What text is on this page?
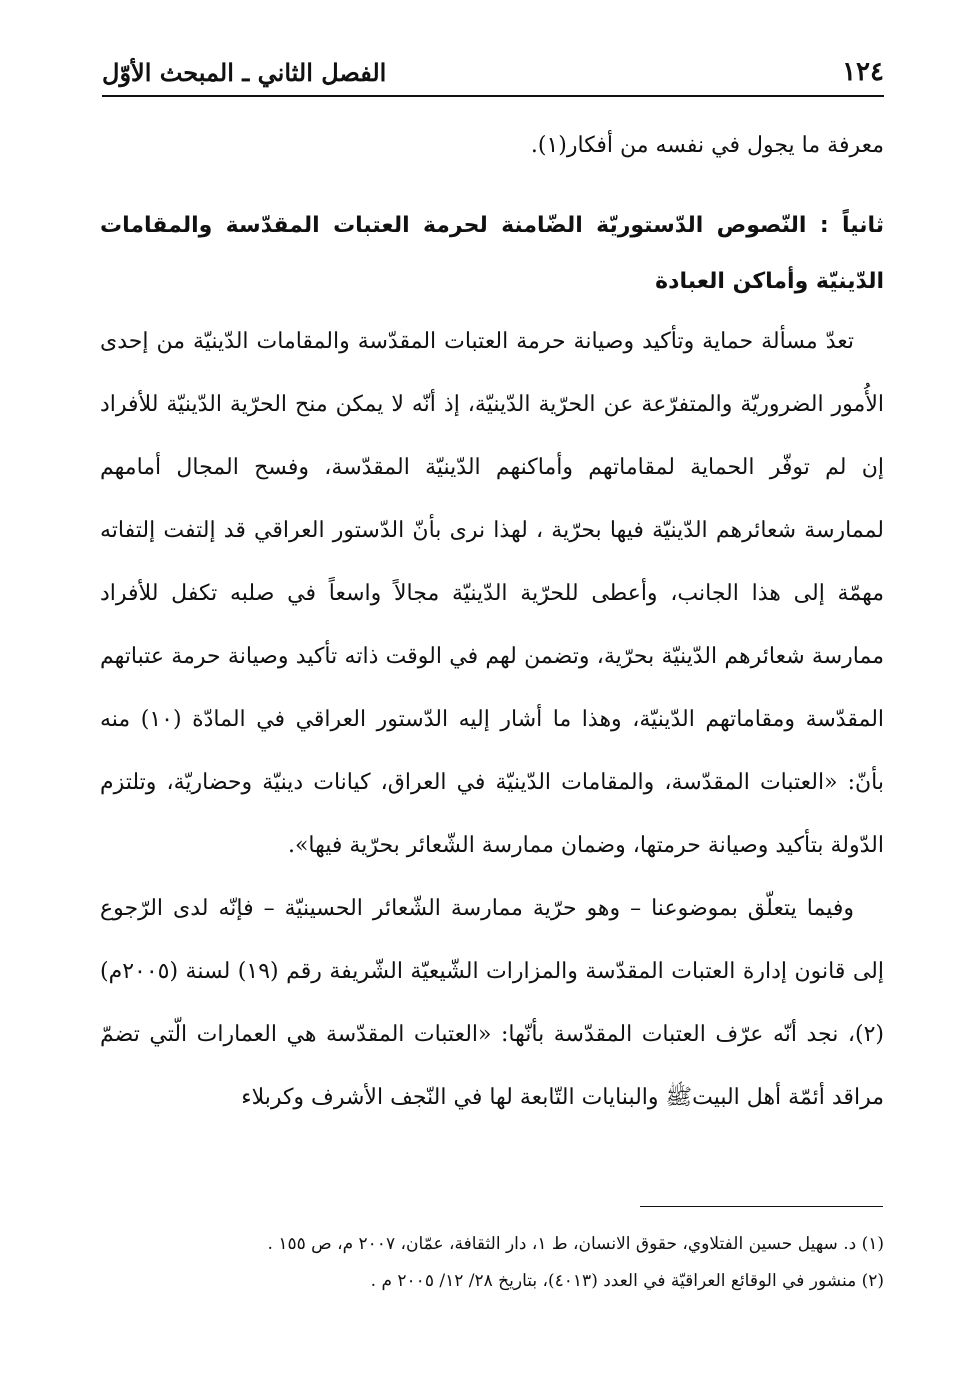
١٢٤
الفصل الثاني ـ المبحث الأوّل

معرفة ما يجول في نفسه من أفكار(١).

ثانياً : النّصوص الدّستوريّة الضّامنة لحرمة العتبات المقدّسة والمقامات الدّينيّة وأماكن العبادة

تعدّ مسألة حماية وتأكيد وصيانة حرمة العتبات المقدّسة والمقامات الدّينيّة من إحدى الأُمور الضروريّة والمتفرّعة عن الحرّية الدّينيّة، إذ أنّه لا يمكن منح الحرّية الدّينيّة للأفراد إن لم توفّر الحماية لمقاماتهم وأماكنهم الدّينيّة المقدّسة، وفسح المجال أمامهم لممارسة شعائرهم الدّينيّة فيها بحرّية ، لهذا نرى بأنّ الدّستور العراقي قد إلتفت إلتفاته مهمّة إلى هذا الجانب، وأعطى للحرّية الدّينيّة مجالاً واسعاً في صلبه تكفل للأفراد ممارسة شعائرهم الدّينيّة بحرّية، وتضمن لهم في الوقت ذاته تأكيد وصيانة حرمة عتباتهم المقدّسة ومقاماتهم الدّينيّة، وهذا ما أشار إليه الدّستور العراقي في المادّة (١٠) منه بأنّ: «العتبات المقدّسة، والمقامات الدّينيّة في العراق، كيانات دينيّة وحضاريّة، وتلتزم الدّولة بتأكيد وصيانة حرمتها، وضمان ممارسة الشّعائر بحرّية فيها».

وفيما يتعلّق بموضوعنا – وهو حرّية ممارسة الشّعائر الحسينيّة – فإنّه لدى الرّجوع إلى قانون إدارة العتبات المقدّسة والمزارات الشّيعيّة الشّريفة رقم (١٩) لسنة (٢٠٠٥م)(٢)، نجد أنّه عرّف العتبات المقدّسة بأنّها: «العتبات المقدّسة هي العمارات الّتي تضمّ مراقد أئمّة أهل البيت‏ﷺ والبنايات التّابعة لها في النّجف الأشرف وكربلاء

(١) د. سهيل حسين الفتلاوي، حقوق الانسان، ط ١، دار الثقافة، عمّان، ٢٠٠٧ م، ص ١٥٥ .

(٢) منشور في الوقائع العراقيّة في العدد (٤٠١٣)، بتاريخ ٢٨/ ١٢/ ٢٠٠٥ م .
